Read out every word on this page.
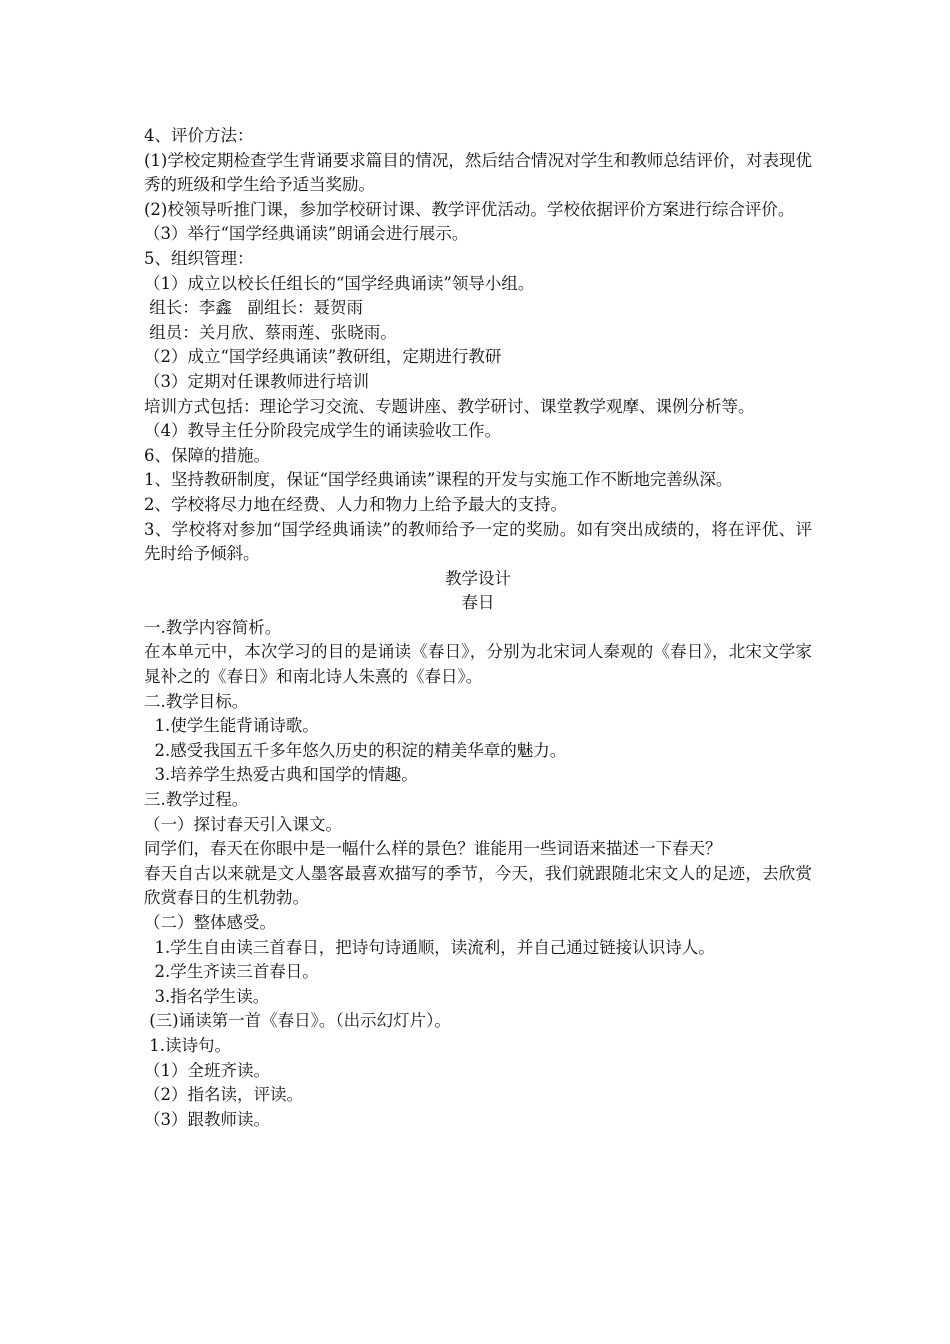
4、评价方法：
(1)学校定期检查学生背诵要求篇目的情况，然后结合情况对学生和教师总结评价，对表现优秀的班级和学生给予适当奖励。
(2)校领导听推门课，参加学校研讨课、教学评优活动。学校依据评价方案进行综合评价。
（3）举行“国学经典诵读”朗诵会进行展示。
5、组织管理：
（1）成立以校长任组长的“国学经典诵读”领导小组。
组长：李鑫   副组长：聂贺雨
组员：关月欣、蔡雨莲、张晓雨。
（2）成立“国学经典诵读”教研组，定期进行教研
（3）定期对任课教师进行培训
培训方式包括：理论学习交流、专题讲座、教学研讨、课堂教学观摩、课例分析等。
（4）教导主任分阶段完成学生的诵读验收工作。
6、保障的措施。
1、坚持教研制度，保证“国学经典诵读”课程的开发与实施工作不断地完善纵深。
2、学校将尽力地在经费、人力和物力上给予最大的支持。
3、学校将对参加“国学经典诵读”的教师给予一定的奖励。如有突出成绩的，将在评优、评先时给予倾斜。
教学设计
春日
一.教学内容简析。
在本单元中，本次学习的目的是诵读《春日》，分别为北宋词人秦观的《春日》，北宋文学家晁补之的《春日》和南北诗人朱熹的《春日》。
二.教学目标。
1.使学生能背诵诗歌。
2.感受我国五千多年悠久历史的积淀的精美华章的魅力。
3.培养学生热爱古典和国学的情趣。
三.教学过程。
（一）探讨春天引入课文。
同学们，春天在你眼中是一幅什么样的景色？谁能用一些词语来描述一下春天？
春天自古以来就是文人墨客最喜欢描写的季节，今天，我们就跟随北宋文人的足迹，去欣赏欣赏春日的生机勃勃。
（二）整体感受。
1.学生自由读三首春日，把诗句诗通顺，读流利，并自己通过链接认识诗人。
2.学生齐读三首春日。
3.指名学生读。
(三)诵读第一首《春日》。（出示幻灯片）。
1.读诗句。
（1）全班齐读。
（2）指名读，评读。
（3）跟教师读。
